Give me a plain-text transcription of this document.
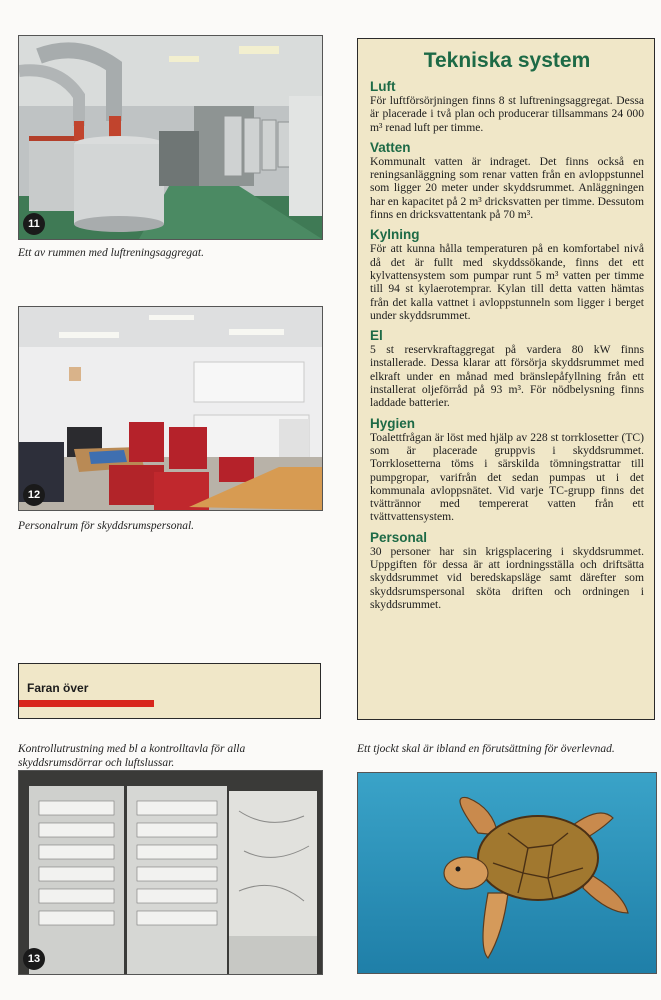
11
Ett av rummen med luftreningsaggregat.
12
Personalrum för skyddsrumspersonal.
Faran över
Kontrollutrustning med bl a kontrolltavla för alla skyddsrumsdörrar och luftslussar.
13
Tekniska system
Luft

För luftförsörjningen finns 8 st luftreningsaggregat. Dessa är placerade i två plan och producerar tillsammans 24 000 m³ renad luft per timme.

Vatten

Kommunalt vatten är indraget. Det finns också en reningsanläggning som renar vatten från en avloppstunnel som ligger 20 meter under skyddsrummet. Anläggningen har en kapacitet på 2 m³ dricksvatten per timme. Dessutom finns en dricksvattentank på 70 m³.

Kylning

För att kunna hålla temperaturen på en komfortabel nivå då det är fullt med skyddssökande, finns det ett kylvattensystem som pumpar runt 5 m³ vatten per timme till 94 st kylaerotemprar. Kylan till detta vatten hämtas från det kalla vattnet i avloppstunneln som ligger i berget under skyddsrummet.

El

5 st reservkraftaggregat på vardera 80 kW finns installerade. Dessa klarar att försörja skyddsrummet med elkraft under en månad med bränslepåfyllning från ett installerat oljeförråd på 93 m³. För nödbelysning finns laddade batterier.

Hygien

Toalettfrågan är löst med hjälp av 228 st torrklosetter (TC) som är placerade gruppvis i skyddsrummet. Torrklosetterna töms i särskilda tömningstrattar till pumpgropar, varifrån det sedan pumpas ut i det kommunala avloppsnätet. Vid varje TC-grupp finns det tvättrännor med tempererat vatten från ett tvättvattensystem.

Personal

30 personer har sin krigsplacering i skyddsrummet. Uppgiften för dessa är att iordningsställa och driftsätta skyddsrummet vid beredskapsläge samt därefter som skyddsrumspersonal sköta driften och ordningen i skyddsrummet.

Ett tjockt skal är ibland en förutsättning för överlevnad.
